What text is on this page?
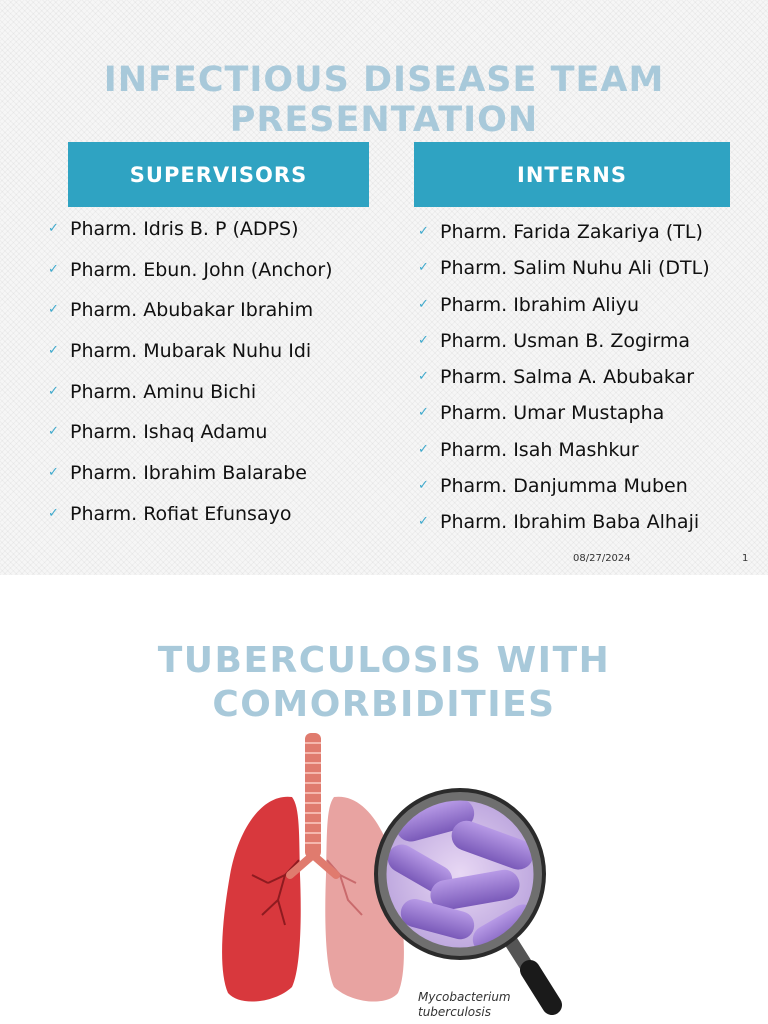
INFECTIOUS DISEASE TEAM
PRESENTATION
SUPERVISORS	INTERNS
✓ Pharm. Idris B. P (ADPS)
✓ Pharm. Ebun. John (Anchor)
✓ Pharm. Abubakar Ibrahim
✓ Pharm. Mubarak Nuhu Idi
✓ Pharm. Aminu Bichi
✓ Pharm. Ishaq Adamu
✓ Pharm. Ibrahim Balarabe
✓ Pharm. Rofiat Efunsayo
✓ Pharm. Farida Zakariya (TL)
✓ Pharm. Salim Nuhu Ali (DTL)
✓ Pharm. Ibrahim Aliyu
✓ Pharm. Usman B. Zogirma
✓ Pharm. Salma A. Abubakar
✓ Pharm. Umar Mustapha
✓ Pharm. Isah Mashkur
✓ Pharm. Danjumma Muben
✓ Pharm. Ibrahim Baba Alhaji
08/27/2024	1
TUBERCULOSIS WITH
COMORBIDITIES
Mycobacterium
tuberculosis
